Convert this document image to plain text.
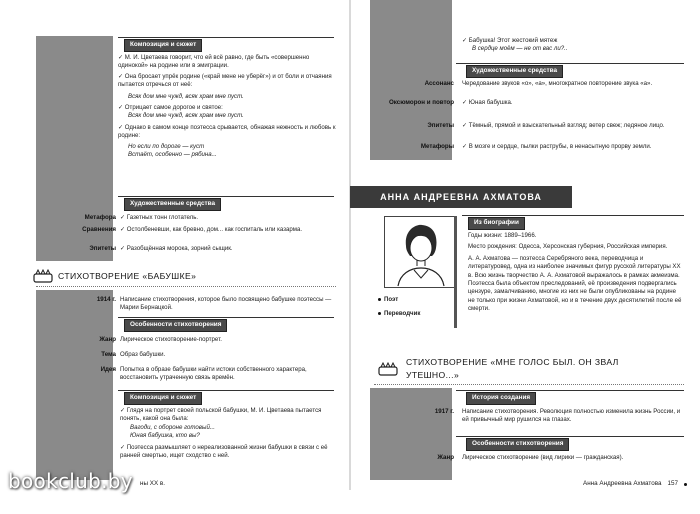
Композиция и сюжет
✓ М. И. Цветаева говорит, что ей всё равно, где быть «совершенно одинокой» на родине или в эмиграции.
✓ Она бросает упрёк родине («край мене не уберёг») и от боли и отчаяния пытается отречься от неё:
Всяк дом мне чужд, всяк храм мне пуст.
✓ Отрицает самое дорогое и святое:
Всяк дом мне чужд, всяк храм мне пуст.
✓ Однако в самом конце поэтесса срывается, обнажая нежность и любовь к родине:
Но если по дороге — куст
Встаёт, особенно — рябина...
Художественные средства
Метафора ✓ Газетных тонн глотатель.
Сравнения ✓ Остолбеневши, как бревно, дом... как госпиталь или казарма.
Эпитеты ✓ Разобщённая морока, зорний сыщик.
СТИХОТВОРЕНИЕ «БАБУШКЕ»
1914 г. Написание стихотворения, которое было посвящено бабушке поэтессы — Марии Бернацкой.
Особенности стихотворения
Жанр Лирическое стихотворение-портрет.
Тема Образ бабушки.
Идея Попытка в образе бабушки найти истоки собственного характера, восстановить утраченную связь времён.
Композиция и сюжет
✓ Глядя на портрет своей польской бабушки, М. И. Цветаева пытается понять, какой она была:
Вагоди, с обороне готовый...
Юная бабушка, кто вы?
✓ Поэтесса размышляет о нереализованной жизни бабушки в связи с её ранней смертью, ищет сходство с ней.
ны XX в.
✓ Бабушка! Этот жестокий мятеж
В сердце моём — не от вас ли?..
Художественные средства
Ассонанс Чередование звуков «о», «а», многократное повторение звука «а».
Оксюморон и повтор ✓ Юная бабушка.
Эпитеты ✓ Тёмный, прямой и взыскательный взгляд; ветер свеж; ледяное лицо.
Метафоры ✓ В мозге и сердце, пылки раструбы, в ненасытную прорву земли.
АННА АНДРЕЕВНА АХМАТОВА
Поэт
Переводчик
Из биографии
Годы жизни: 1889–1966.
Место рождения: Одесса, Херсонская губерния, Российская империя.
А. А. Ахматова — поэтесса Серебряного века, переводчица и литературовед, одна из наиболее значимых фигур русской литературы XX в. Всю жизнь творчество А. А. Ахматовой выражалось в рамках акмеизма. Поэтесса была объектом преследований, её произведения подвергались цензуре, замалчиванию, многие из них не были опубликованы на родине не только при жизни Ахматовой, но и в течение двух десятилетий после её смерти.
СТИХОТВОРЕНИЕ «МНЕ ГОЛОС БЫЛ. ОН ЗВАЛ
УТЕШНО...»
История создания
1917 г. Написание стихотворения. Революция полностью изменила жизнь России, и ей привычный мир рушился на глазах.
Особенности стихотворения
Жанр Лирическое стихотворение (вид лирики — гражданская).
Анна Андреевна Ахматова 157
bookclub.by
